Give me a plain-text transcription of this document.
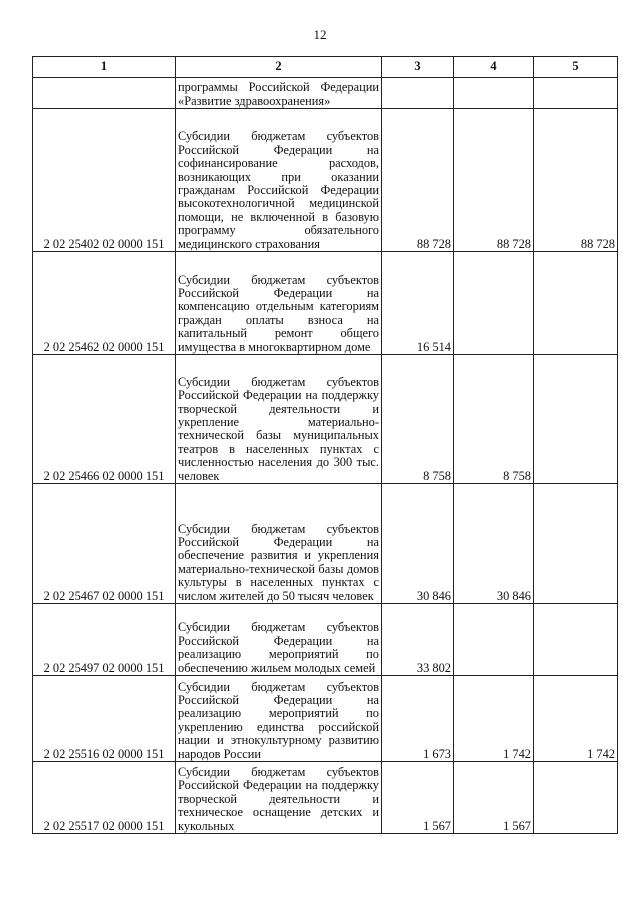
12
1	2	3	4	5
	программы Российской Федерации «Развитие здравоохранения»			
2 02 25402 02 0000 151	Субсидии бюджетам субъектов Российской Федерации на софинансирование расходов, возникающих при оказании гражданам Российской Федерации высокотехнологичной медицинской помощи, не включенной в базовую программу обязательного медицинского страхования	88 728	88 728	88 728
2 02 25462 02 0000 151	Субсидии бюджетам субъектов Российской Федерации на компенсацию отдельным категориям граждан оплаты взноса на капитальный ремонт общего имущества в многоквартирном доме	16 514		
2 02 25466 02 0000 151	Субсидии бюджетам субъектов Российской Федерации на поддержку творческой деятельности и укрепление материально-технической базы муниципальных театров в населенных пунктах с численностью населения до 300 тыс. человек	8 758	8 758	
2 02 25467 02 0000 151	Субсидии бюджетам субъектов Российской Федерации на обеспечение развития и укрепления материально-технической базы домов культуры в населенных пунктах с числом жителей до 50 тысяч человек	30 846	30 846	
2 02 25497 02 0000 151	Субсидии бюджетам субъектов Российской Федерации на реализацию мероприятий по обеспечению жильем молодых семей	33 802		
2 02 25516 02 0000 151	Субсидии бюджетам субъектов Российской Федерации на реализацию мероприятий по укреплению единства российской нации и этнокультурному развитию народов России	1 673	1 742	1 742
2 02 25517 02 0000 151	Субсидии бюджетам субъектов Российской Федерации на поддержку творческой деятельности и техническое оснащение детских и кукольных	1 567	1 567	
